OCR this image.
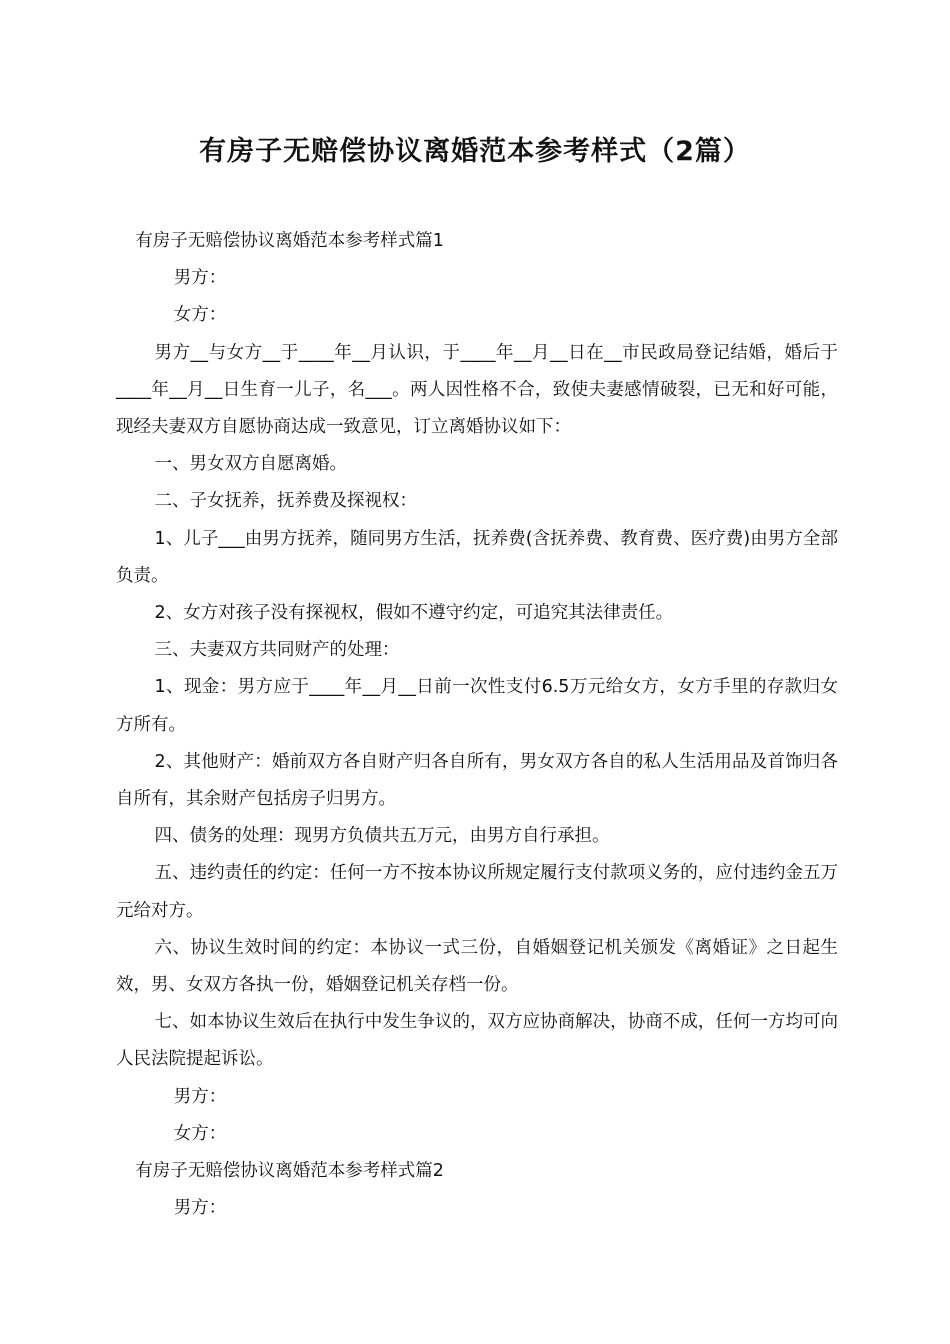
有房子无赔偿协议离婚范本参考样式（2篇）

有房子无赔偿协议离婚范本参考样式篇1

男方：

女方：

男方__与女方__于____年__月认识，于____年__月__日在__市民政局登记结婚，婚后于____年__月__日生育一儿子，名___。两人因性格不合，致使夫妻感情破裂，已无和好可能，现经夫妻双方自愿协商达成一致意见，订立离婚协议如下：

一、男女双方自愿离婚。

二、子女抚养，抚养费及探视权：

1、儿子___由男方抚养，随同男方生活，抚养费(含抚养费、教育费、医疗费)由男方全部负责。

2、女方对孩子没有探视权，假如不遵守约定，可追究其法律责任。

三、夫妻双方共同财产的处理：

1、现金：男方应于____年__月__日前一次性支付6.5万元给女方，女方手里的存款归女方所有。

2、其他财产：婚前双方各自财产归各自所有，男女双方各自的私人生活用品及首饰归各自所有，其余财产包括房子归男方。

四、债务的处理：现男方负债共五万元，由男方自行承担。

五、违约责任的约定：任何一方不按本协议所规定履行支付款项义务的，应付违约金五万元给对方。

六、协议生效时间的约定：本协议一式三份，自婚姻登记机关颁发《离婚证》之日起生效，男、女双方各执一份，婚姻登记机关存档一份。

七、如本协议生效后在执行中发生争议的，双方应协商解决，协商不成，任何一方均可向人民法院提起诉讼。

男方：

女方：

有房子无赔偿协议离婚范本参考样式篇2

男方：
